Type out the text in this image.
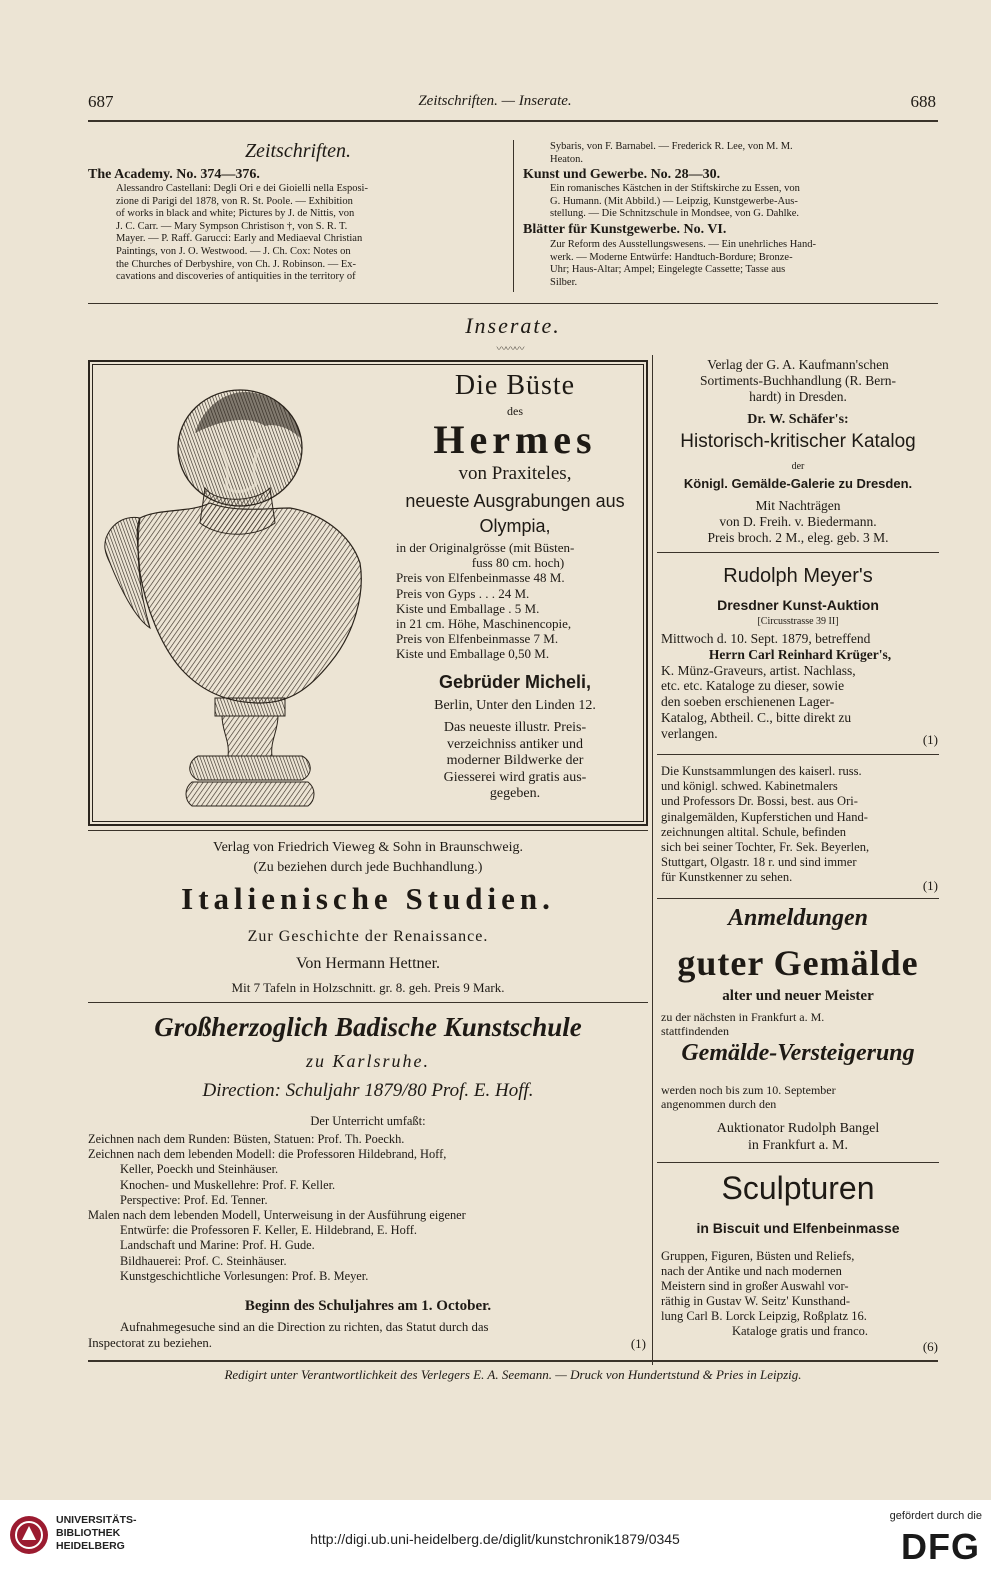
687	Zeitschriften. — Inserate.	688
Zeitschriften.
The Academy. No. 374—376.
Alessandro Castellani: Degli Ori e dei Gioielli nella Esposi-
zione di Parigi del 1878, von R. St. Poole. — Exhibition
of works in black and white; Pictures by J. de Nittis, von
J. C. Carr. — Mary Sympson Christison †, von S. R. T.
Mayer. — P. Raff. Garucci: Early and Mediaeval Christian
Paintings, von J. O. Westwood. — J. Ch. Cox: Notes on
the Churches of Derbyshire, von Ch. J. Robinson. — Ex-
cavations and discoveries of antiquities in the territory of
Sybaris, von F. Barnabel. — Frederick R. Lee, von M. M.
Heaton.
Kunst und Gewerbe. No. 28—30.
Ein romanisches Kästchen in der Stiftskirche zu Essen, von
G. Humann. (Mit Abbild.) — Leipzig, Kunstgewerbe-Aus-
stellung. — Die Schnitzschule in Mondsee, von G. Dahlke.
Blätter für Kunstgewerbe. No. VI.
Zur Reform des Ausstellungswesens. — Ein unehrliches Hand-
werk. — Moderne Entwürfe: Handtuch-Bordure; Bronze-
Uhr; Haus-Altar; Ampel; Eingelegte Cassette; Tasse aus
Silber.
Inserate.
〰〰〰
Die Büste
des
Hermes
von Praxiteles,
neueste Ausgrabungen aus
Olympia,
in der Originalgrösse (mit Büsten-
fuss 80 cm. hoch)
Preis von Elfenbeinmasse 48 M.
Preis von Gyps . . . 24 M.
Kiste und Emballage . 5 M.
in 21 cm. Höhe, Maschinencopie,
Preis von Elfenbeinmasse 7 M.
Kiste und Emballage 0,50 M.
Gebrüder Micheli,
Berlin, Unter den Linden 12.
Das neueste illustr. Preis-
verzeichniss antiker und
moderner Bildwerke der
Giesserei wird gratis aus-
gegeben.
Verlag der G. A. Kaufmann'schen
Sortiments-Buchhandlung (R. Bern-
hardt) in Dresden.
Dr. W. Schäfer's:
Historisch-kritischer Katalog
der
Königl. Gemälde-Galerie zu Dresden.
Mit Nachträgen
von D. Freih. v. Biedermann.
Preis broch. 2 M., eleg. geb. 3 M.
Rudolph Meyer's
Dresdner Kunst-Auktion
[Circusstrasse 39 II]
Mittwoch d. 10. Sept. 1879, betreffend
Herrn Carl Reinhard Krüger's,
K. Münz-Graveurs, artist. Nachlass,
etc. etc. Kataloge zu dieser, sowie
den soeben erschienenen Lager-
Katalog, Abtheil. C., bitte direkt zu
verlangen.	(1)
Die Kunstsammlungen des kaiserl. russ.
und königl. schwed. Kabinetmalers
und Professors Dr. Bossi, best. aus Ori-
ginalgemälden, Kupferstichen und Hand-
zeichnungen altital. Schule, befinden
sich bei seiner Tochter, Fr. Sek. Beyerlen,
Stuttgart, Olgastr. 18 r. und sind immer
für Kunstkenner zu sehen.
(1)
Anmeldungen
guter Gemälde
alter und neuer Meister
zu der nächsten in Frankfurt a. M.
stattfindenden
Gemälde-Versteigerung
werden noch bis zum 10. September
angenommen durch den
Auktionator Rudolph Bangel
in Frankfurt a. M.
Sculpturen
in Biscuit und Elfenbeinmasse
Gruppen, Figuren, Büsten und Reliefs,
nach der Antike und nach modernen
Meistern sind in großer Auswahl vor-
räthig in Gustav W. Seitz' Kunsthand-
lung Carl B. Lorck Leipzig, Roßplatz 16.
Kataloge gratis und franco.
(6)
Verlag von Friedrich Vieweg & Sohn in Braunschweig.
(Zu beziehen durch jede Buchhandlung.)
Italienische Studien.
Zur Geschichte der Renaissance.
Von Hermann Hettner.
Mit 7 Tafeln in Holzschnitt. gr. 8. geh. Preis 9 Mark.
Großherzoglich Badische Kunstschule
zu Karlsruhe.
Direction: Schuljahr 1879/80 Prof. E. Hoff.
Der Unterricht umfaßt:
Zeichnen nach dem Runden: Büsten, Statuen: Prof. Th. Poeckh.
Zeichnen nach dem lebenden Modell: die Professoren Hildebrand, Hoff,
Keller, Poeckh und Steinhäuser.
Knochen- und Muskellehre: Prof. F. Keller.
Perspective: Prof. Ed. Tenner.
Malen nach dem lebenden Modell, Unterweisung in der Ausführung eigener
Entwürfe: die Professoren F. Keller, E. Hildebrand, E. Hoff.
Landschaft und Marine: Prof. H. Gude.
Bildhauerei: Prof. C. Steinhäuser.
Kunstgeschichtliche Vorlesungen: Prof. B. Meyer.
Beginn des Schuljahres am 1. October.
Aufnahmegesuche sind an die Direction zu richten, das Statut durch das
Inspectorat zu beziehen.	(1)
Redigirt unter Verantwortlichkeit des Verlegers E. A. Seemann. — Druck von Hundertstund & Pries in Leipzig.
UNIVERSITÄTS-
BIBLIOTHEK
HEIDELBERG	http://digi.ub.uni-heidelberg.de/diglit/kunstchronik1879/0345
gefördert durch die
DFG
